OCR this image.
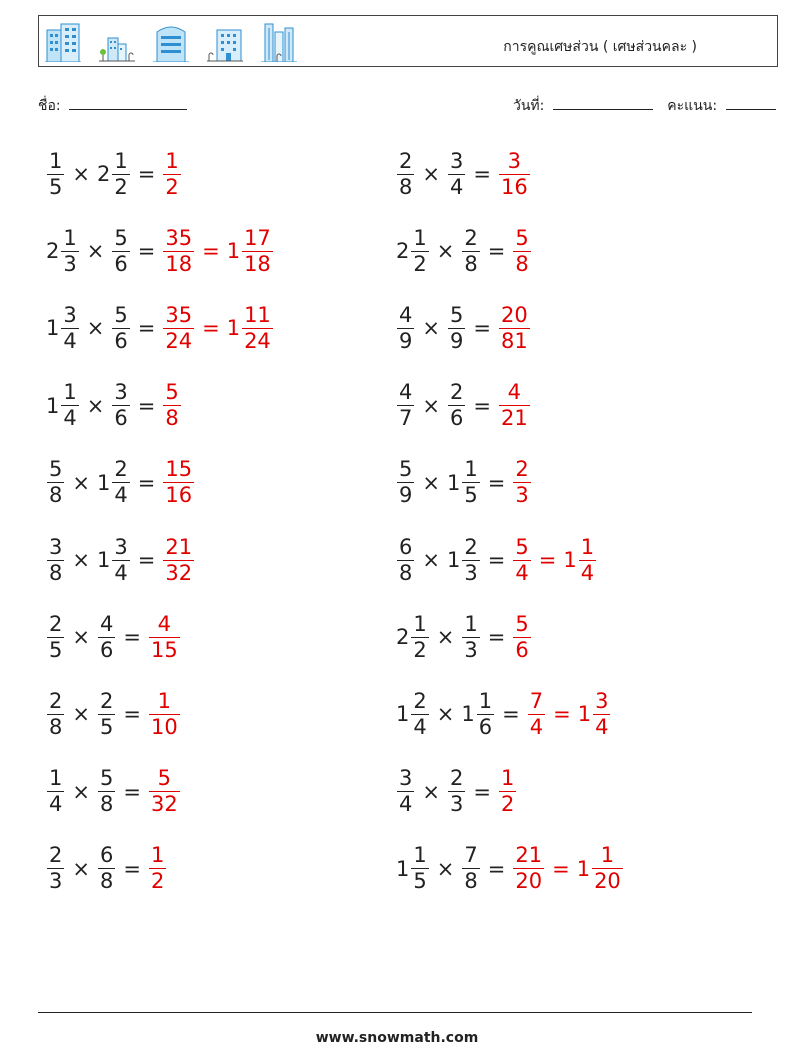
การคูณเศษส่วน ( เศษส่วนคละ )
ชื่อ:	วันที่:	คะแนน:
$\frac{1}{5} \times 2 \frac{1}{2} = \frac{1}{2}$	$\frac{2}{8} \times \frac{3}{4} = \frac{3}{16}$
$2 \frac{1}{3} \times \frac{5}{6} = \frac{35}{18} = 1 \frac{17}{18}$	$2 \frac{1}{2} \times \frac{2}{8} = \frac{5}{8}$
$1 \frac{3}{4} \times \frac{5}{6} = \frac{35}{24} = 1 \frac{11}{24}$	$\frac{4}{9} \times \frac{5}{9} = \frac{20}{81}$
$1 \frac{1}{4} \times \frac{3}{6} = \frac{5}{8}$	$\frac{4}{7} \times \frac{2}{6} = \frac{4}{21}$
$\frac{5}{8} \times 1 \frac{2}{4} = \frac{15}{16}$	$\frac{5}{9} \times 1 \frac{1}{5} = \frac{2}{3}$
$\frac{3}{8} \times 1 \frac{3}{4} = \frac{21}{32}$	$\frac{6}{8} \times 1 \frac{2}{3} = \frac{5}{4} = 1 \frac{1}{4}$
$\frac{2}{5} \times \frac{4}{6} = \frac{4}{15}$	$2 \frac{1}{2} \times \frac{1}{3} = \frac{5}{6}$
$\frac{2}{8} \times \frac{2}{5} = \frac{1}{10}$	$1 \frac{2}{4} \times 1 \frac{1}{6} = \frac{7}{4} = 1 \frac{3}{4}$
$\frac{1}{4} \times \frac{5}{8} = \frac{5}{32}$	$\frac{3}{4} \times \frac{2}{3} = \frac{1}{2}$
$\frac{2}{3} \times \frac{6}{8} = \frac{1}{2}$	$1 \frac{1}{5} \times \frac{7}{8} = \frac{21}{20} = 1 \frac{1}{20}$
www.snowmath.com
